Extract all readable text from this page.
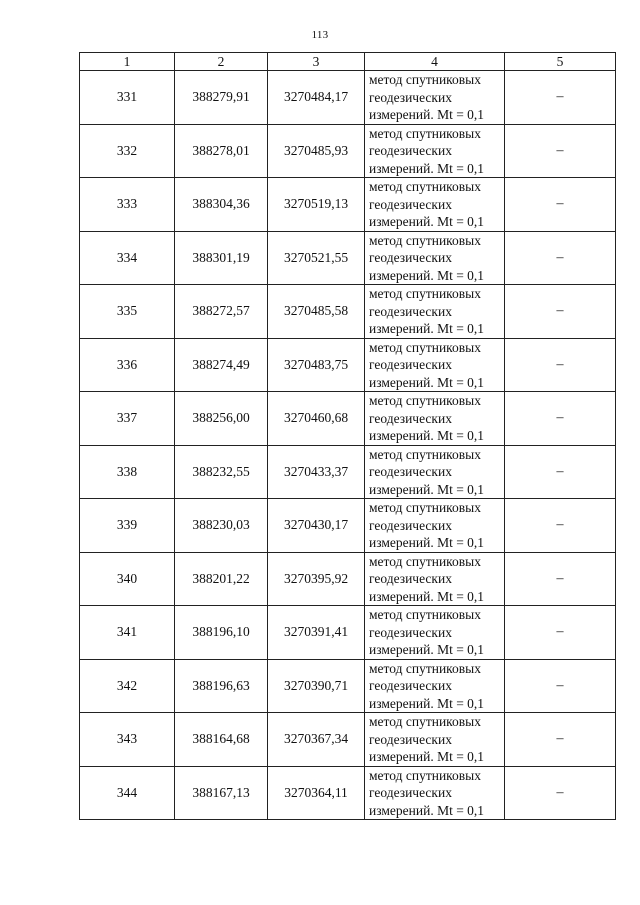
113
1	2	3	4	5
331	388279,91	3270484,17	метод спутниковых
геодезических
измерений. Mt = 0,1	–
332	388278,01	3270485,93	метод спутниковых
геодезических
измерений. Mt = 0,1	–
333	388304,36	3270519,13	метод спутниковых
геодезических
измерений. Mt = 0,1	–
334	388301,19	3270521,55	метод спутниковых
геодезических
измерений. Mt = 0,1	–
335	388272,57	3270485,58	метод спутниковых
геодезических
измерений. Mt = 0,1	–
336	388274,49	3270483,75	метод спутниковых
геодезических
измерений. Mt = 0,1	–
337	388256,00	3270460,68	метод спутниковых
геодезических
измерений. Mt = 0,1	–
338	388232,55	3270433,37	метод спутниковых
геодезических
измерений. Mt = 0,1	–
339	388230,03	3270430,17	метод спутниковых
геодезических
измерений. Mt = 0,1	–
340	388201,22	3270395,92	метод спутниковых
геодезических
измерений. Mt = 0,1	–
341	388196,10	3270391,41	метод спутниковых
геодезических
измерений. Mt = 0,1	–
342	388196,63	3270390,71	метод спутниковых
геодезических
измерений. Mt = 0,1	–
343	388164,68	3270367,34	метод спутниковых
геодезических
измерений. Mt = 0,1	–
344	388167,13	3270364,11	метод спутниковых
геодезических
измерений. Mt = 0,1	–
